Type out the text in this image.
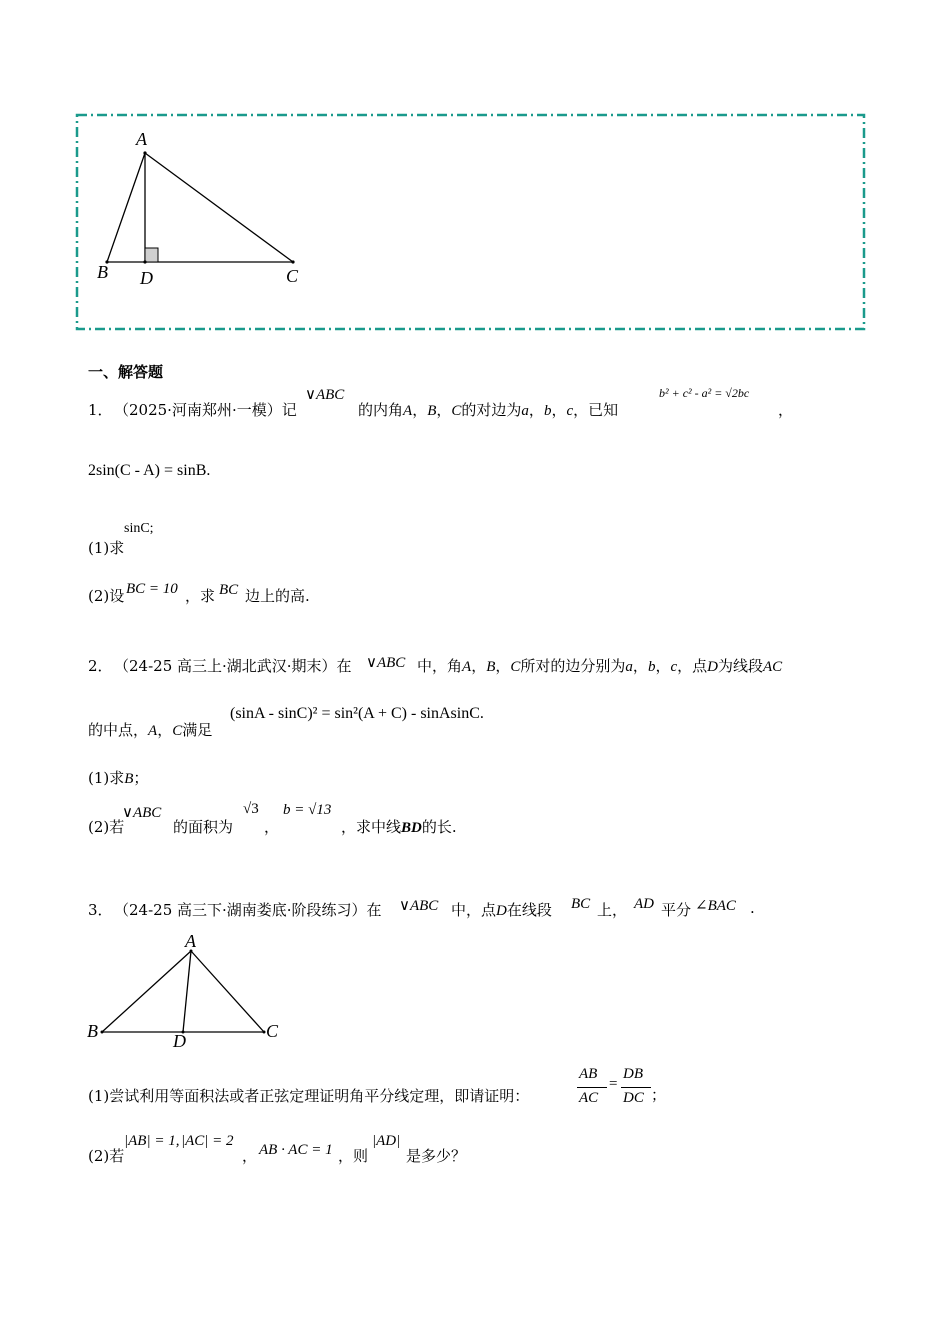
A
B	C
D
一、解答题
1． （2025·河南郑州·一模）记
∨ABC
的内角A，B，C的对边为a，b，c，已知
b² + c² - a² = √2bc
，
2sin(C - A) = sinB.
sinC;
(1)求
(2)设 BC = 10 ，求 BC 边上的高.
2． （24-25 高三上·湖北武汉·期末）在 ∨ABC 中，角A，B，C所对的边分别为a，b，c，点D为线段AC
的中点，A，C满足
(sinA - sinC)² = sin²(A + C) - sinAsinC.
(1)求B；
(2)若
∨ABC
的面积为
√3
，
b = √13
，求中线BD的长.
3． （24-25 高三下·湖南娄底·阶段练习）在 ∨ABC 中，点D在线段 BC 上， AD 平分 ∠BAC .
A
B	C
D
(1)尝试利用等面积法或者正弦定理证明角平分线定理，即请证明：
AB
AC
=
DB
DC ；
(2)若
|AB| = 1, |AC| = 2
， AB · AC = 1 ，则
|AD|
是多少？
